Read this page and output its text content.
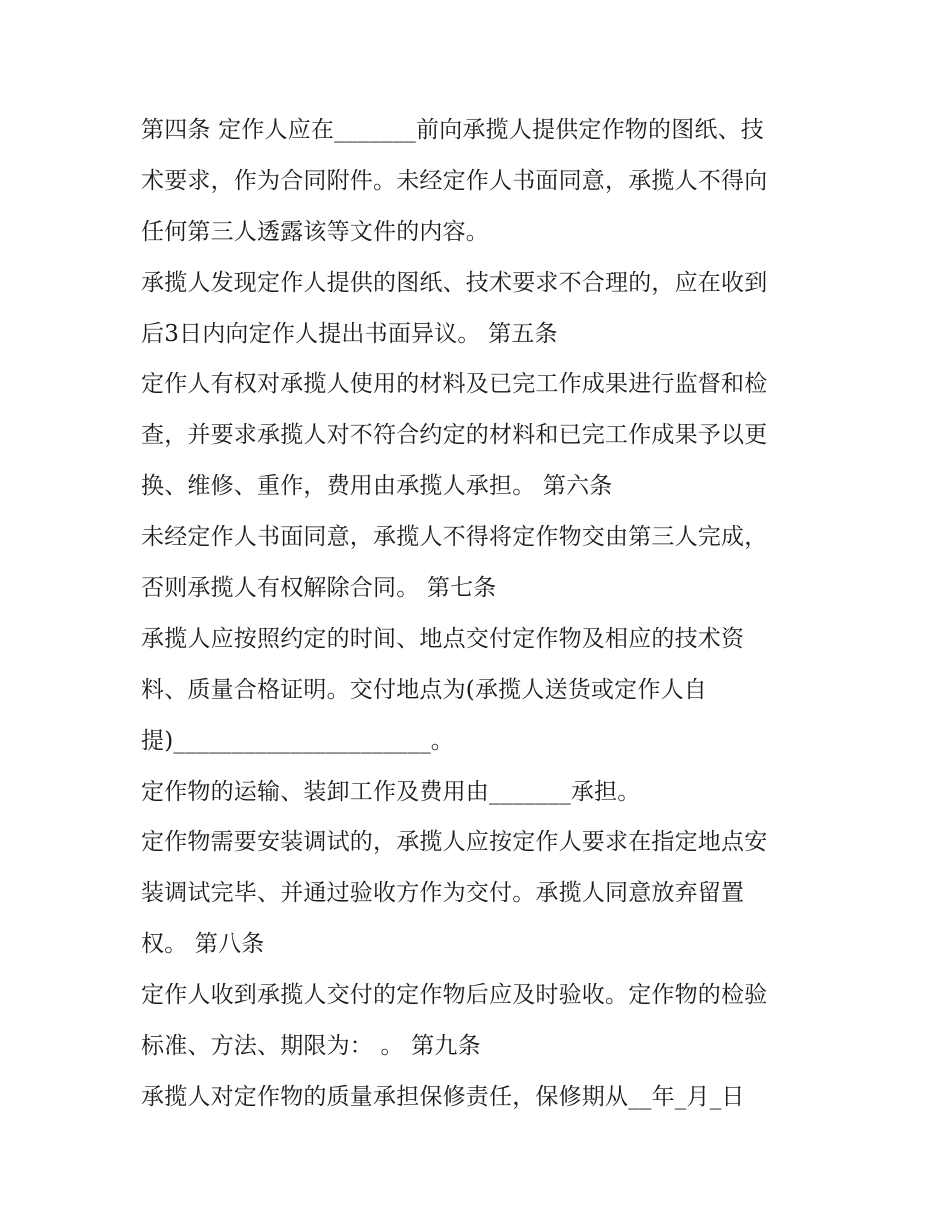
第四条 定作人应在_______前向承揽人提供定作物的图纸、技
术要求，作为合同附件。未经定作人书面同意，承揽人不得向
任何第三人透露该等文件的内容。
承揽人发现定作人提供的图纸、技术要求不合理的，应在收到
后3日内向定作人提出书面异议。 第五条
定作人有权对承揽人使用的材料及已完工作成果进行监督和检
查，并要求承揽人对不符合约定的材料和已完工作成果予以更
换、维修、重作，费用由承揽人承担。 第六条
未经定作人书面同意，承揽人不得将定作物交由第三人完成，
否则承揽人有权解除合同。 第七条
承揽人应按照约定的时间、地点交付定作物及相应的技术资
料、质量合格证明。交付地点为(承揽人送货或定作人自
提)______________________。
定作物的运输、装卸工作及费用由_______承担。
定作物需要安装调试的，承揽人应按定作人要求在指定地点安
装调试完毕、并通过验收方作为交付。承揽人同意放弃留置
权。 第八条
定作人收到承揽人交付的定作物后应及时验收。定作物的检验
标准、方法、期限为： 。 第九条
承揽人对定作物的质量承担保修责任，保修期从__年_月_日
